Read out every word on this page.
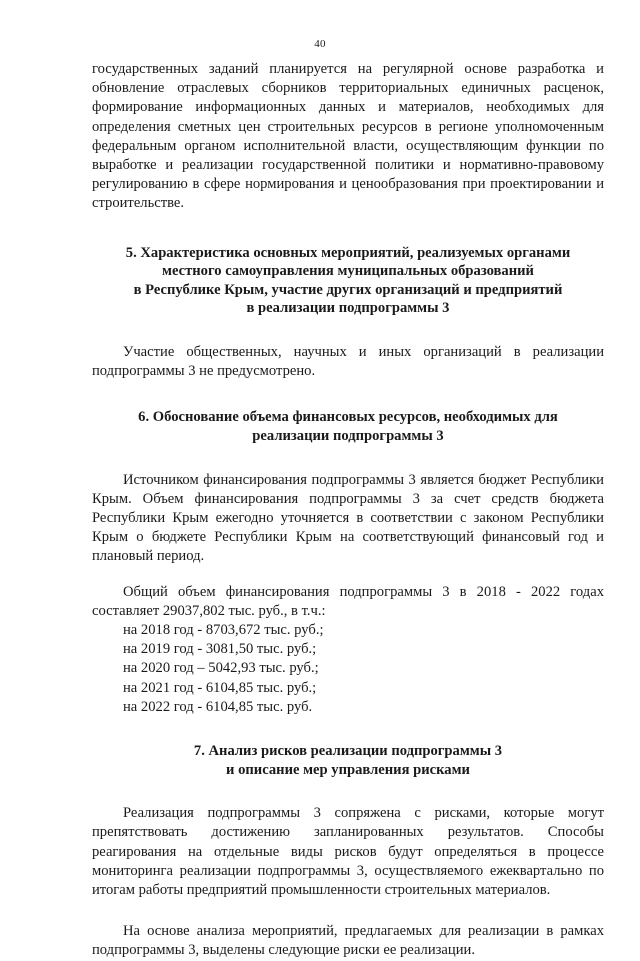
40

государственных заданий планируется на регулярной основе разработка и обновление отраслевых сборников территориальных единичных расценок, формирование информационных данных и материалов, необходимых для определения сметных цен строительных ресурсов в регионе уполномоченным федеральным органом исполнительной власти, осуществляющим функции по выработке и реализации государственной политики и нормативно-правовому регулированию в сфере нормирования и ценообразования при проектировании и строительстве.

5. Характеристика основных мероприятий, реализуемых органами
местного самоуправления муниципальных образований
в Республике Крым, участие других организаций и предприятий
в реализации подпрограммы 3

Участие общественных, научных и иных организаций в реализации подпрограммы 3 не предусмотрено.

6. Обоснование объема финансовых ресурсов, необходимых для
реализации подпрограммы 3

Источником финансирования подпрограммы 3 является бюджет Республики Крым. Объем финансирования подпрограммы 3 за счет средств бюджета Республики Крым ежегодно уточняется в соответствии с законом Республики Крым о бюджете Республики Крым на соответствующий финансовый год и плановый период.

Общий объем финансирования подпрограммы 3 в 2018 - 2022 годах составляет 29037,802 тыс. руб., в т.ч.:

на 2018 год - 8703,672 тыс. руб.;
на 2019 год - 3081,50 тыс. руб.;
на 2020 год – 5042,93 тыс. руб.;
на 2021 год - 6104,85 тыс. руб.;
на 2022 год - 6104,85 тыс. руб.
7. Анализ рисков реализации подпрограммы 3
и описание мер управления рисками

Реализация подпрограммы 3 сопряжена с рисками, которые могут препятствовать достижению запланированных результатов. Способы реагирования на отдельные виды рисков будут определяться в процессе мониторинга реализации подпрограммы 3, осуществляемого ежеквартально по итогам работы предприятий промышленности строительных материалов.

На основе анализа мероприятий, предлагаемых для реализации в рамках подпрограммы 3, выделены следующие риски ее реализации.
